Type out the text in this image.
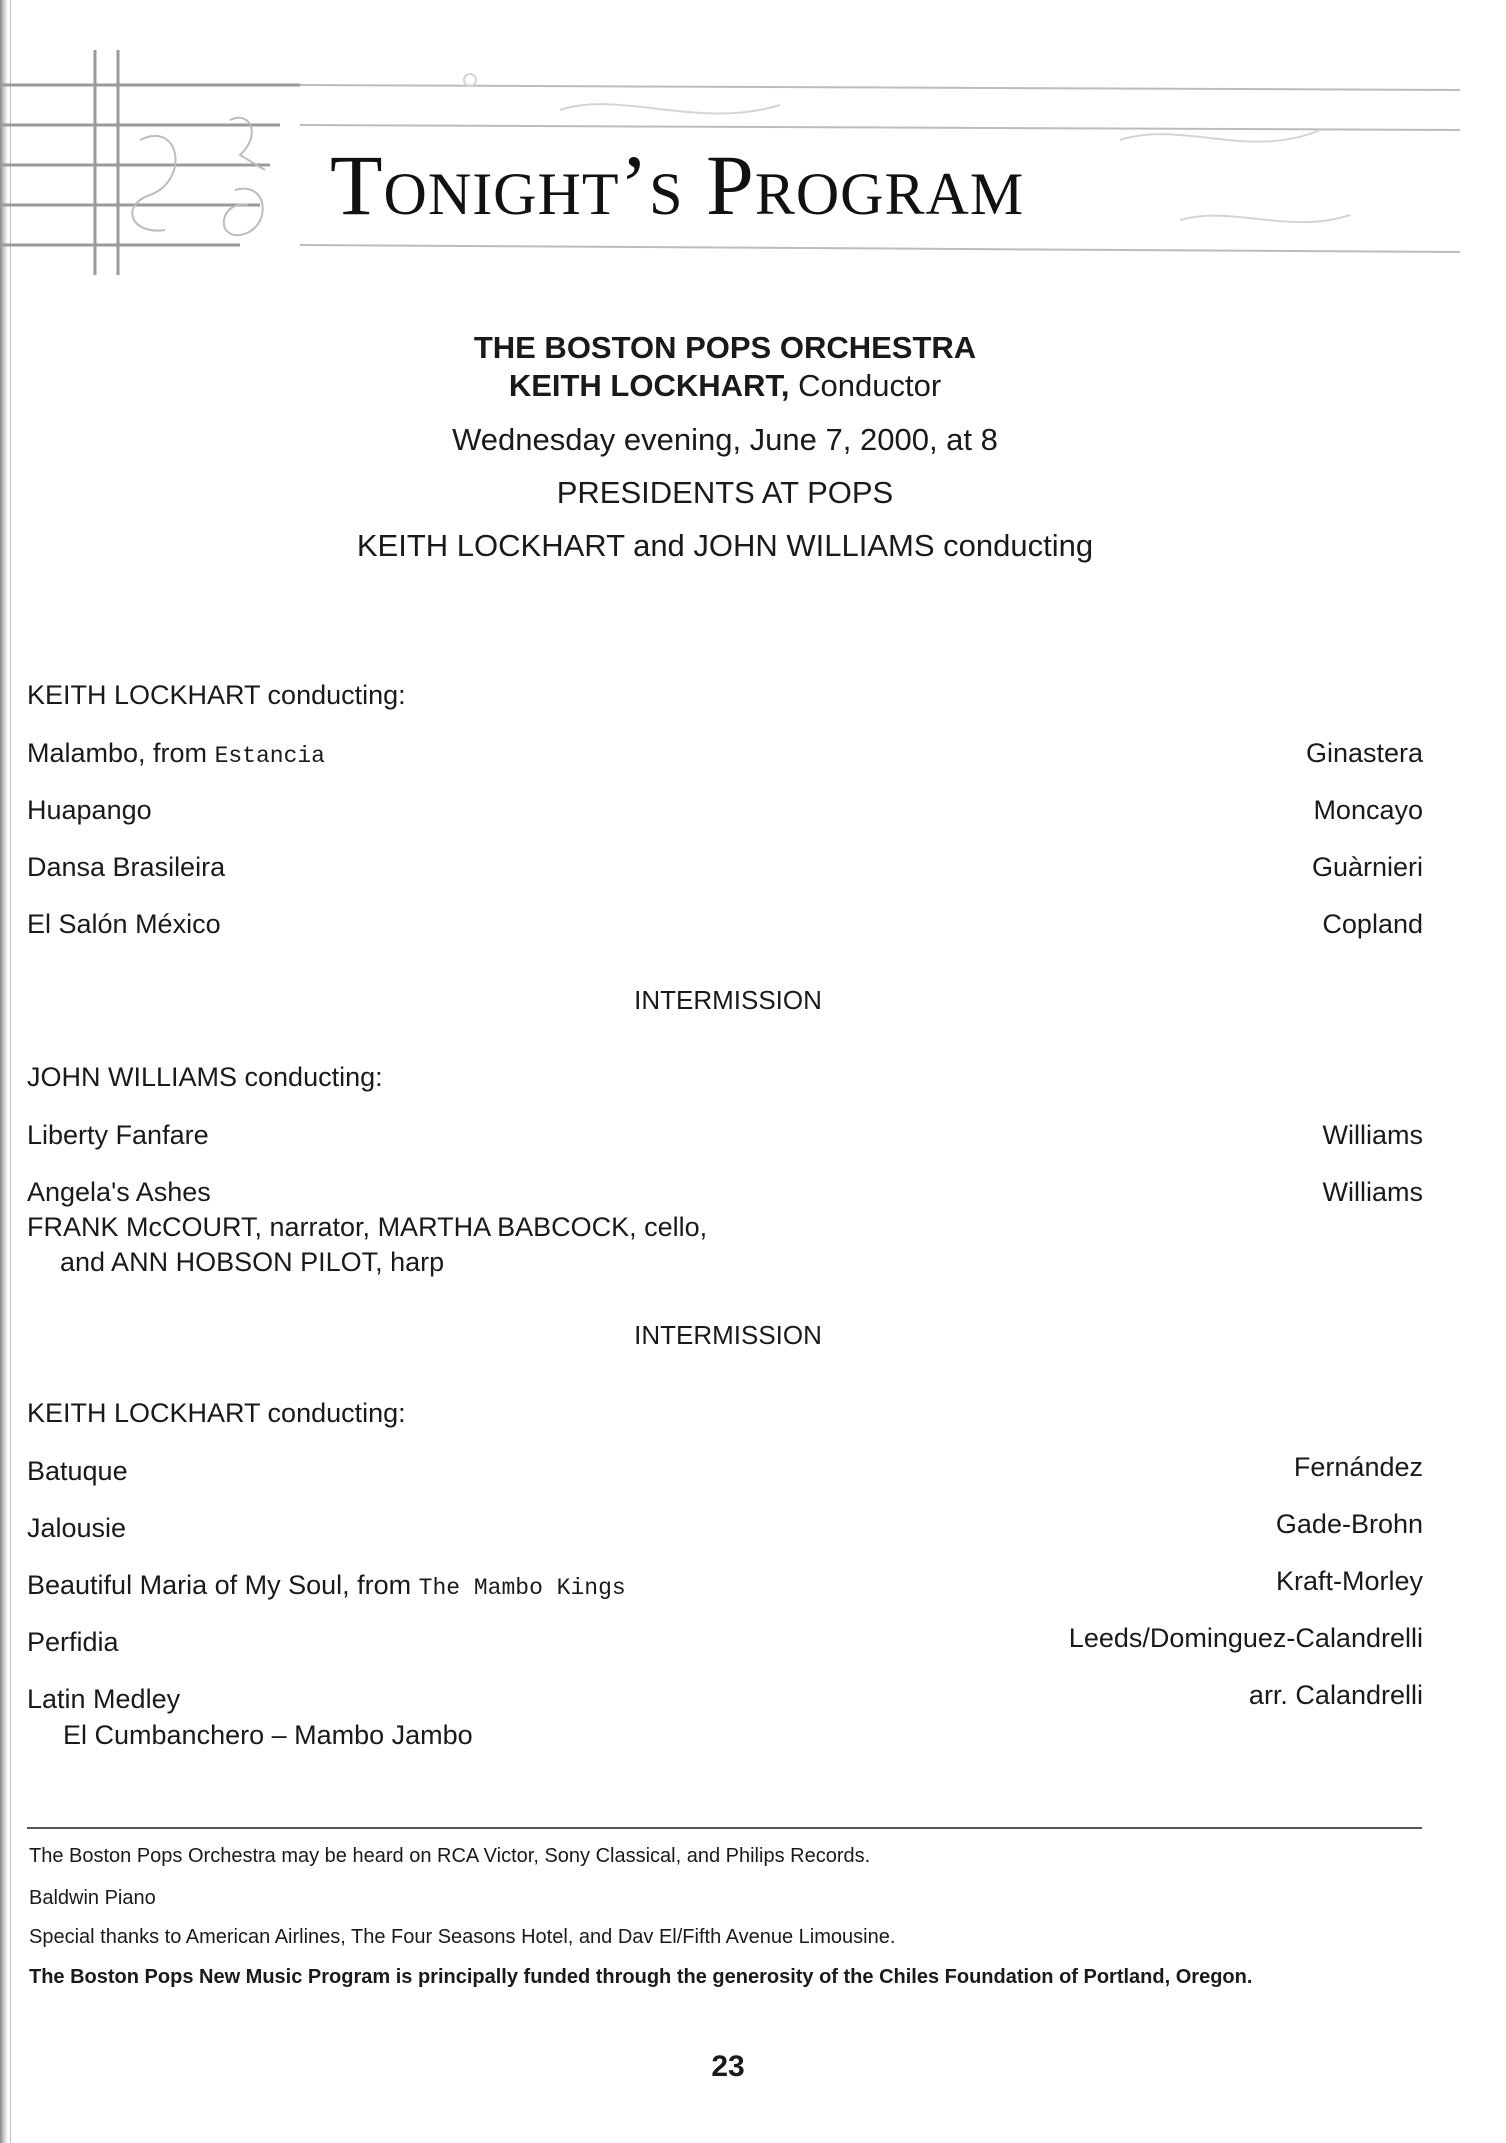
Tonight’s Program
THE BOSTON POPS ORCHESTRA
KEITH LOCKHART, Conductor
Wednesday evening, June 7, 2000, at 8
PRESIDENTS AT POPS
KEITH LOCKHART and JOHN WILLIAMS conducting
KEITH LOCKHART conducting:
Malambo, from Estancia	Ginastera
Huapango	Moncayo
Dansa Brasileira	Guàrnieri
El Salón México	Copland
INTERMISSION
JOHN WILLIAMS conducting:
Liberty Fanfare	Williams
Angela's Ashes	Williams
FRANK McCOURT, narrator, MARTHA BABCOCK, cello,
and ANN HOBSON PILOT, harp
INTERMISSION
KEITH LOCKHART conducting:
Batuque	Fernández
Jalousie	Gade-Brohn
Beautiful Maria of My Soul, from The Mambo Kings	Kraft-Morley
Perfidia	Leeds/Dominguez-Calandrelli
Latin Medley	arr. Calandrelli
El Cumbanchero – Mambo Jambo
The Boston Pops Orchestra may be heard on RCA Victor, Sony Classical, and Philips Records.
Baldwin Piano
Special thanks to American Airlines, The Four Seasons Hotel, and Dav El/Fifth Avenue Limousine.
The Boston Pops New Music Program is principally funded through the generosity of the Chiles Foundation of Portland, Oregon.
23
